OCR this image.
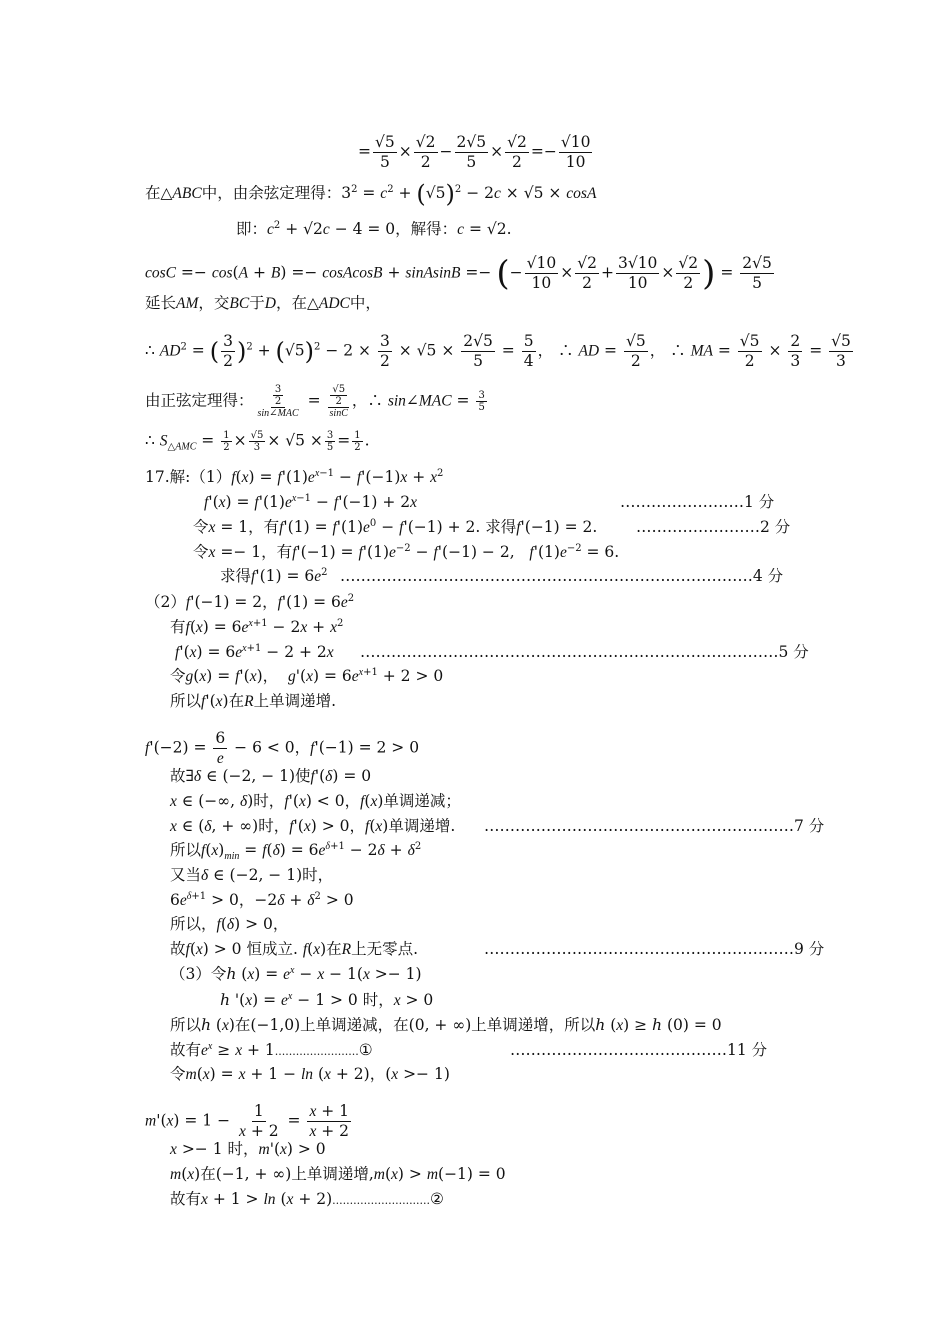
= $\frac{√5}{5} \times \frac{√2}{2} - \frac{2√5}{5} \times \frac{√2}{2} =- \frac{√10}{10}$
在△ABC中，由余弦定理得：$3^2 = c^2 + (√5)^2 - 2c \times √5 \times \cos A$
即：$c^2 + √2c - 4 = 0$，解得：c = √2.
cosC =− cos(A + B) =− cosAcosB + sinAsinB =− (− $\frac{√10}{10} \times \frac{√2}{2} + \frac{3√10}{10} \times \frac{√2}{2}$ ) = $\frac{2√5}{5}$
延长AM，交BC于D，在△ADC中，
∴ $AD^2$ = ( $\frac{3}{2} )^2 + (√5)^2 - 2 \times \frac{3}{2} \times √5 \times \frac{2√5}{5} = \frac{5}{4}$ ， ∴ AD = $\frac{√5}{2}$ ， ∴ MA = $\frac{√5}{2} \times \frac{2}{3} = \frac{√5}{3}$
由正弦定理得： $\frac{\frac{3}{2}}{\text{sin∠MAC}} = \frac{\frac{√5}{2}}{\sin C}$ ，∴ sin∠MAC = $\frac{3}{5}$
∴ $S_{\triangle AMC} = \frac{1}{2} \times \frac{√5}{3} \times √5 \times \frac{3}{5} = \frac{1}{2}$ .
17.解:（1）f(x) = $f'(1)e^{x-1} - f'(-1)x + x^2$
$f'(x) = f'(1)e^{x-1} - f'(-1) + 2x$	……………………1 分
令x = 1，有$f'(1) = f'(1)e^0 - f'(-1) + 2$. 求得f'(−1) = 2. ……………………2 分
令x =− 1，有$f'(-1) = f'(1)e^{-2} - f'(-1) - 2$,   $f'(1)e^{-2} = 6$.
求得$f'(1) = 6e^2$ ………………………………………………………..……………4 分
（2）f'(−1) = 2，$f'(1) = 6e^2$
有$f(x) = 6e^{x+1} - 2x + x^2$
$f'(x) = 6e^{x+1} - 2 + 2x$ ………………………………………………………………………5 分
令g(x) = f'(x)，  $g'(x) = 6e^{x+1} + 2 > 0$
所以f'(x)在R上单调递增.
$f'(-2) = \frac{6}{e} - 6 < 0$，f'(−1) = 2 > 0
故∃δ ∈ (−2, − 1)使f'(δ) = 0
x ∈ (−∞, δ)时，f'(x) < 0，f(x)单调递减；
x ∈ (δ, + ∞)时，f'(x) > 0，f(x)单调递增. ……………………………………………………7 分
所以$f(x)_{min} = f(\delta) = 6e^{\delta+1} - 2\delta + \delta^2$
又当δ ∈ (−2, − 1)时，
$6e^{\delta+1} > 0$，$-2\delta + \delta^2 > 0$
所以，f(δ) > 0，
故f(x) > 0 恒成立. f(x)在R上无零点.	……………………………………………………9 分
（3）令ℎ $(x) = e^x - x - 1(x >- 1)$
ℎ '$(x) = e^x - 1 > 0$ 时，x > 0
所以ℎ (x)在(−1,0)上单调递减，在(0, + ∞)上单调递增，所以ℎ (x) ≥ ℎ (0) = 0
故有$e^x \ge x$ + 1........................①	……………………………………11 分
令m(x) = x + 1 − ln (x + 2)，(x >− 1)
$m'(x) = 1 - \frac{1}{x + 2} = \frac{x + 1}{x + 2}$
x >− 1 时，m'(x) > 0
m(x)在(−1, + ∞)上单调递增,m(x) > m(−1) = 0
故有x + 1 > ln (x + 2)............................②
